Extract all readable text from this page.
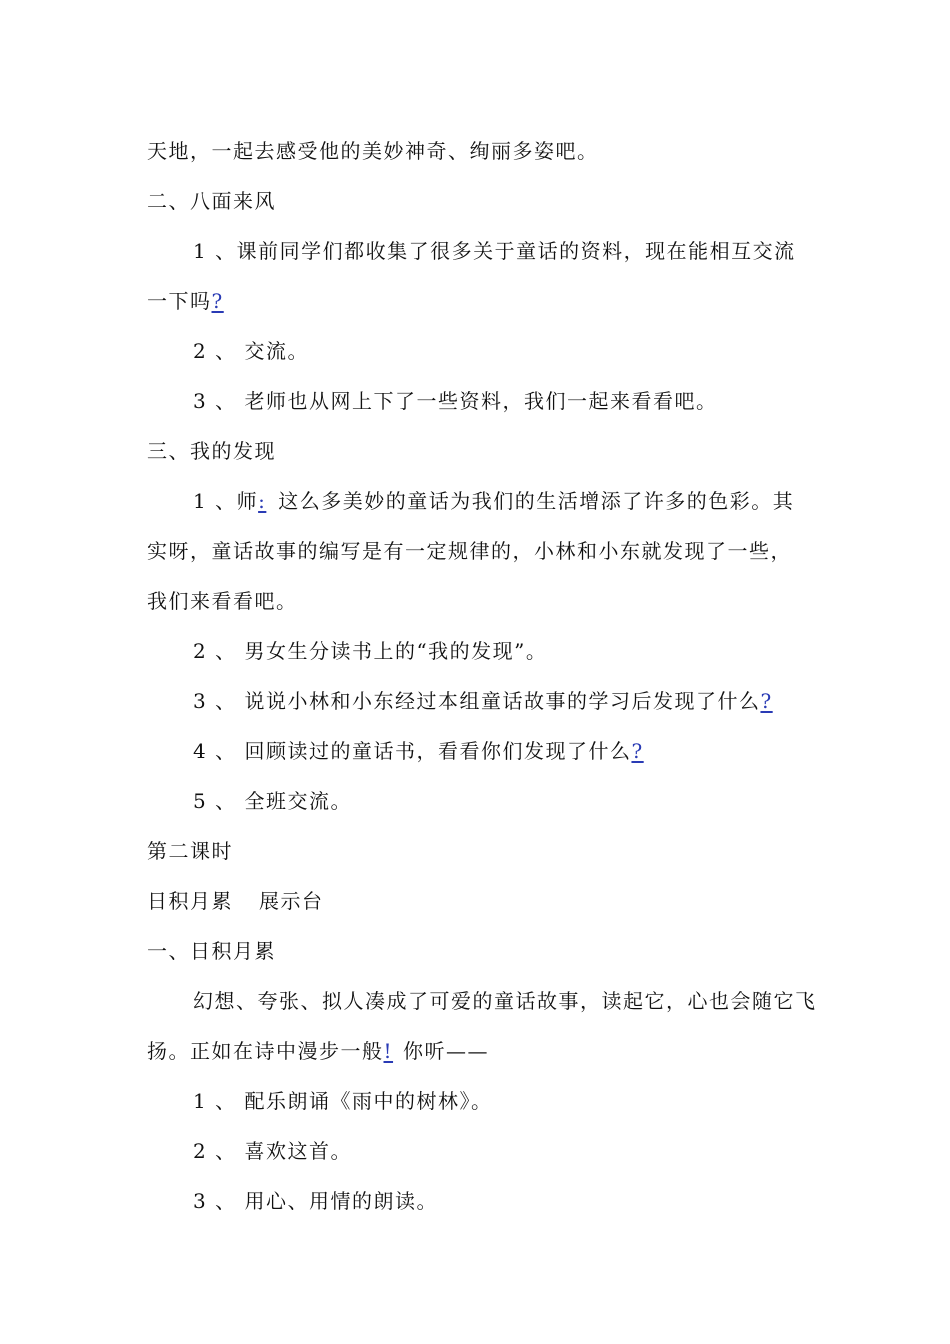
天地，一起去感受他的美妙神奇、绚丽多姿吧。
二、八面来风
1 、课前同学们都收集了很多关于童话的资料，现在能相互交流
一下吗?
2 、 交流。
3 、 老师也从网上下了一些资料，我们一起来看看吧。
三、我的发现
1 、师: 这么多美妙的童话为我们的生活增添了许多的色彩。其
实呀，童话故事的编写是有一定规律的，小林和小东就发现了一些，
我们来看看吧。
2 、 男女生分读书上的“我的发现”。
3 、 说说小林和小东经过本组童话故事的学习后发现了什么?
4 、 回顾读过的童话书，看看你们发现了什么?
5 、 全班交流。
第二课时
日积月累 展示台
一、日积月累
幻想、夸张、拟人凑成了可爱的童话故事，读起它，心也会随它飞
扬。正如在诗中漫步一般! 你听——
1 、 配乐朗诵《雨中的树林》。
2 、 喜欢这首。
3 、 用心、用情的朗读。
